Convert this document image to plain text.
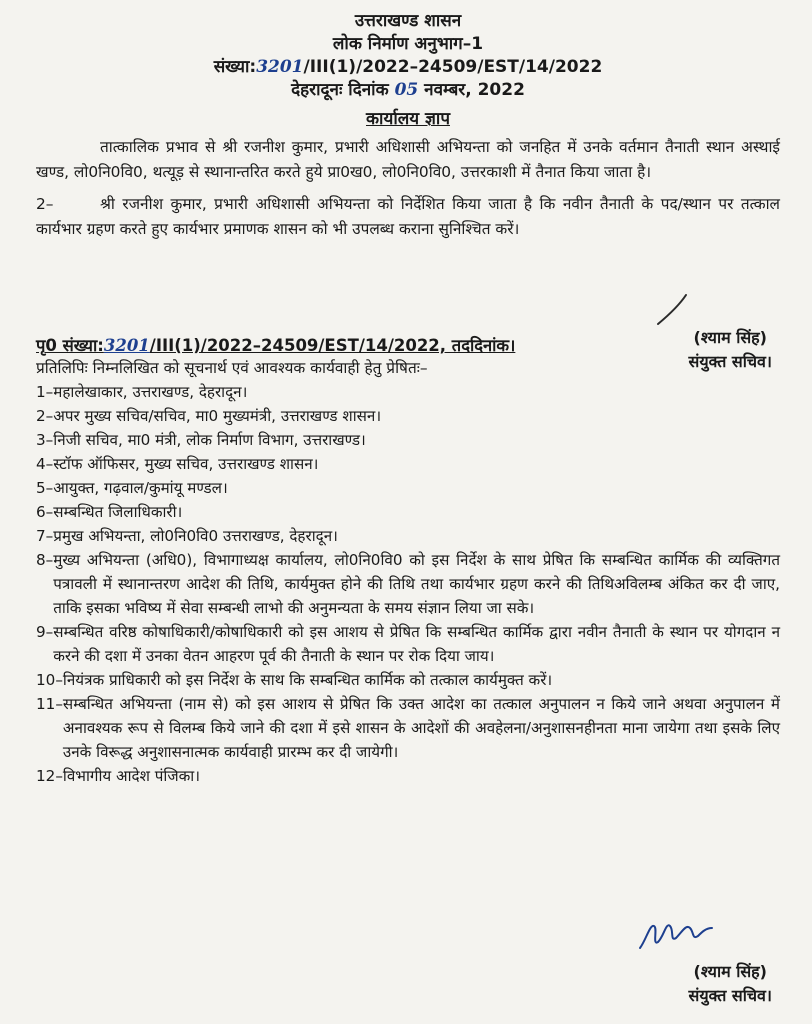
उत्तराखण्ड शासन
लोक निर्माण अनुभाग–1
संख्या:3201/III(1)/2022–24509/EST/14/2022
देहरादूनः दिनांक 05 नवम्बर, 2022
कार्यालय ज्ञाप

तात्कालिक प्रभाव से श्री रजनीश कुमार, प्रभारी अधिशासी अभियन्ता को जनहित में उनके वर्तमान तैनाती स्थान अस्थाई खण्ड, लो0नि0वि0, थत्यूड़ से स्थानान्तरित करते हुये प्रा0ख0, लो0नि0वि0, उत्तरकाशी में तैनात किया जाता है।

2–	श्री रजनीश कुमार, प्रभारी अधिशासी अभियन्ता को निर्देशित किया जाता है कि नवीन तैनाती के पद/स्थान पर तत्काल कार्यभार ग्रहण करते हुए कार्यभार प्रमाणक शासन को भी उपलब्ध कराना सुनिश्चित करें।

(श्याम सिंह)
संयुक्त सचिव।
पृ0 संख्या:3201/III(1)/2022–24509/EST/14/2022, तददिनांक।
प्रतिलिपिः निम्नलिखित को सूचनार्थ एवं आवश्यक कार्यवाही हेतु प्रेषितः–
1– महालेखाकार, उत्तराखण्ड, देहरादून।
2– अपर मुख्य सचिव/सचिव, मा0 मुख्यमंत्री, उत्तराखण्ड शासन।
3– निजी सचिव, मा0 मंत्री, लोक निर्माण विभाग, उत्तराखण्ड।
4– स्टॉफ ऑफिसर, मुख्य सचिव, उत्तराखण्ड शासन।
5– आयुक्त, गढ़वाल/कुमांयू मण्डल।
6– सम्बन्धित जिलाधिकारी।
7– प्रमुख अभियन्ता, लो0नि0वि0 उत्तराखण्ड, देहरादून।
8– मुख्य अभियन्ता (अधि0), विभागाध्यक्ष कार्यालय, लो0नि0वि0 को इस निर्देश के साथ प्रेषित कि सम्बन्धित कार्मिक की व्यक्तिगत पत्रावली में स्थानान्तरण आदेश की तिथि, कार्यमुक्त होने की तिथि तथा कार्यभार ग्रहण करने की तिथिअविलम्ब अंकित कर दी जाए, ताकि इसका भविष्य में सेवा सम्बन्धी लाभो की अनुमन्यता के समय संज्ञान लिया जा सके।
9– सम्बन्धित वरिष्ठ कोषाधिकारी/कोषाधिकारी को इस आशय से प्रेषित कि सम्बन्धित कार्मिक द्वारा नवीन तैनाती के स्थान पर योगदान न करने की दशा में उनका वेतन आहरण पूर्व की तैनाती के स्थान पर रोक दिया जाय।
10– नियंत्रक प्राधिकारी को इस निर्देश के साथ कि सम्बन्धित कार्मिक को तत्काल कार्यमुक्त करें।
11– सम्बन्धित अभियन्ता (नाम से) को इस आशय से प्रेषित कि उक्त आदेश का तत्काल अनुपालन न किये जाने अथवा अनुपालन में अनावश्यक रूप से विलम्ब किये जाने की दशा में इसे शासन के आदेशों की अवहेलना/अनुशासनहीनता माना जायेगा तथा इसके लिए उनके विरूद्ध अनुशासनात्मक कार्यवाही प्रारम्भ कर दी जायेगी।
12– विभागीय आदेश पंजिका।
(श्याम सिंह)
संयुक्त सचिव।
